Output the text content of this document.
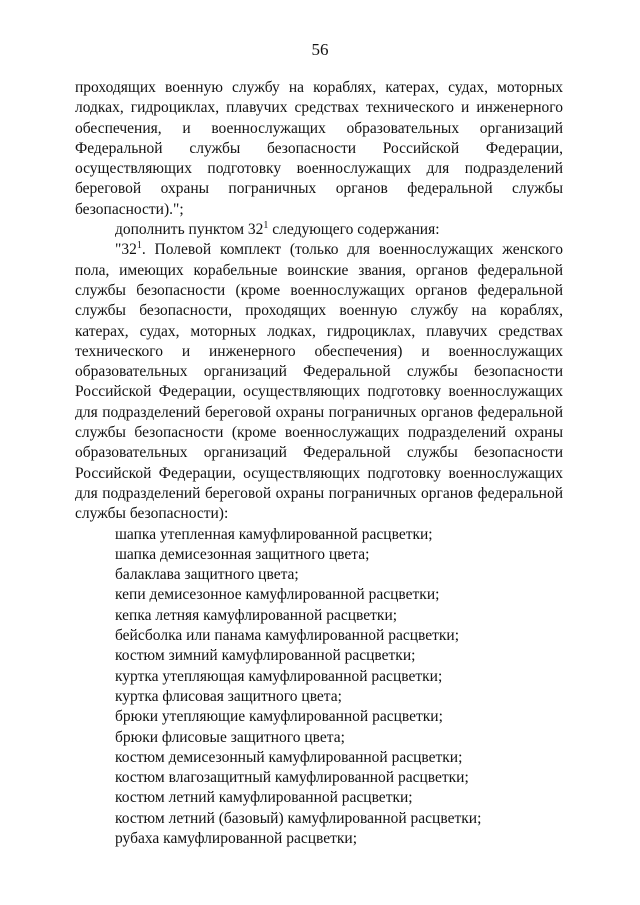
56

проходящих военную службу на кораблях, катерах, судах, моторных лодках, гидроциклах, плавучих средствах технического и инженерного обеспечения, и военнослужащих образовательных организаций Федеральной службы безопасности Российской Федерации, осуществляющих подготовку военнослужащих для подразделений береговой охраны пограничных органов федеральной службы безопасности).";

дополнить пунктом $32^1$ следующего содержания:

"$32^1$. Полевой комплект (только для военнослужащих женского пола, имеющих корабельные воинские звания, органов федеральной службы безопасности (кроме военнослужащих органов федеральной службы безопасности, проходящих военную службу на кораблях, катерах, судах, моторных лодках, гидроциклах, плавучих средствах технического и инженерного обеспечения) и военнослужащих образовательных организаций Федеральной службы безопасности Российской Федерации, осуществляющих подготовку военнослужащих для подразделений береговой охраны пограничных органов федеральной службы безопасности (кроме военнослужащих подразделений охраны образовательных организаций Федеральной службы безопасности Российской Федерации, осуществляющих подготовку военнослужащих для подразделений береговой охраны пограничных органов федеральной службы безопасности):

шапка утепленная камуфлированной расцветки;
шапка демисезонная защитного цвета;
балаклава защитного цвета;
кепи демисезонное камуфлированной расцветки;
кепка летняя камуфлированной расцветки;
бейсболка или панама камуфлированной расцветки;
костюм зимний камуфлированной расцветки;
куртка утепляющая камуфлированной расцветки;
куртка флисовая защитного цвета;
брюки утепляющие камуфлированной расцветки;
брюки флисовые защитного цвета;
костюм демисезонный камуфлированной расцветки;
костюм влагозащитный камуфлированной расцветки;
костюм летний камуфлированной расцветки;
костюм летний (базовый) камуфлированной расцветки;
рубаха камуфлированной расцветки;
